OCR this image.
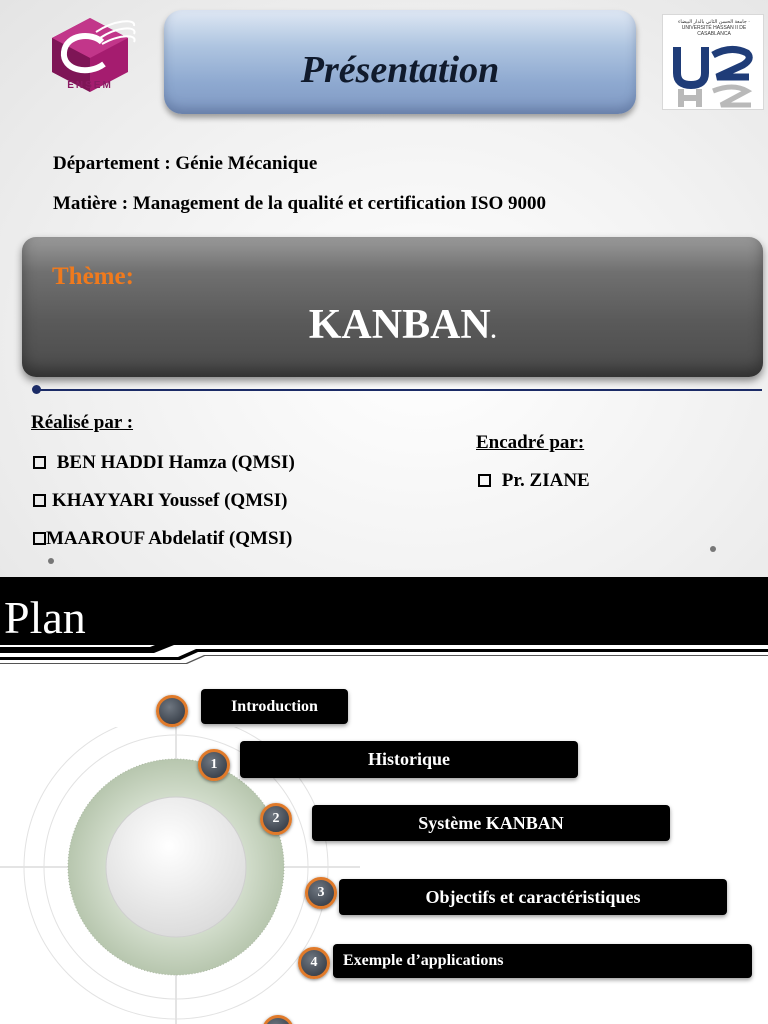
ENSEM	Présentation
جامعة الحسن الثاني بالدار البيضاء · UNIVERSITÉ HASSAN II DE CASABLANCA
Département : Génie Mécanique
Matière : Management de la qualité et certification ISO 9000
Thème:
KANBAN.
Réalisé par :
BEN HADDI Hamza (QMSI)
KHAYYARI Youssef (QMSI)
MAAROUF Abdelatif (QMSI)
Encadré par:
Pr. ZIANE
Plan
Introduction
1	Historique
2	Système KANBAN
3	Objectifs et caractéristiques
4	Exemple d’applications
